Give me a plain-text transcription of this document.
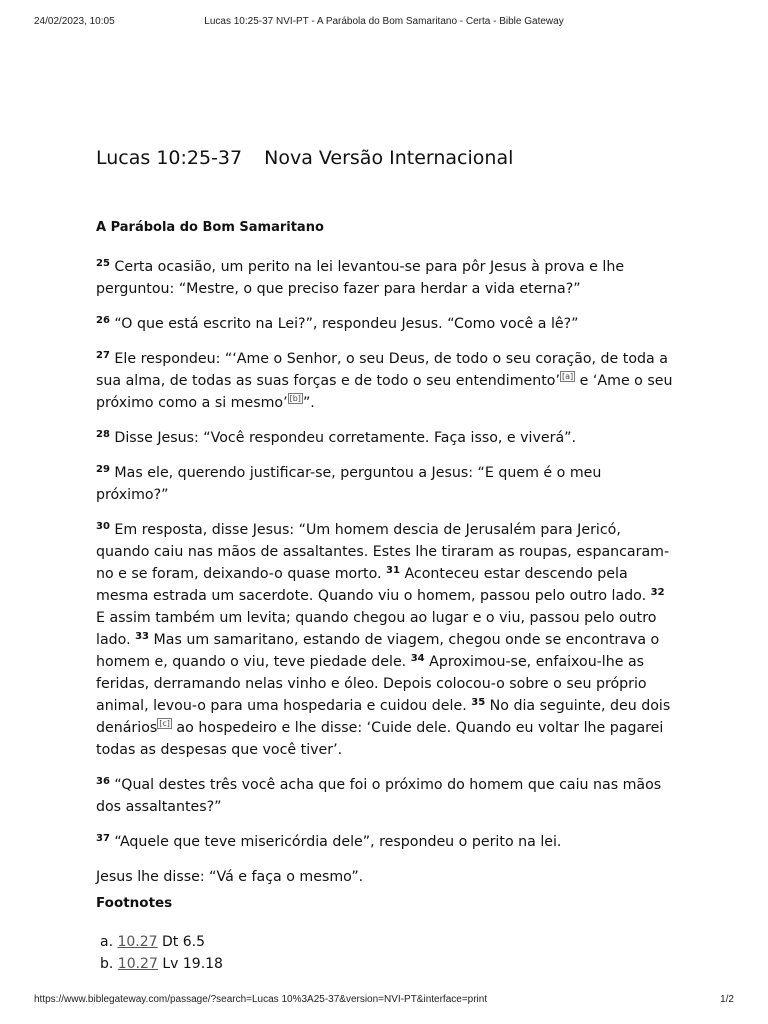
24/02/2023, 10:05	Lucas 10:25-37 NVI-PT - A Parábola do Bom Samaritano - Certa - Bible Gateway
Lucas 10:25-37 Nova Versão Internacional
A Parábola do Bom Samaritano

$^{25}$ Certa ocasião, um perito na lei levantou-se para pôr Jesus à prova e lhe perguntou: “Mestre, o que preciso fazer para herdar a vida eterna?”

$^{26}$ “O que está escrito na Lei?”, respondeu Jesus. “Como você a lê?”

$^{27}$ Ele respondeu: “‘Ame o Senhor, o seu Deus, de todo o seu coração, de toda a sua alma, de todas as suas forças e de todo o seu entendimento’ [a] e ‘Ame o seu próximo como a si mesmo’ [b] ”.

$^{28}$ Disse Jesus: “Você respondeu corretamente. Faça isso, e viverá”.

$^{29}$ Mas ele, querendo justificar-se, perguntou a Jesus: “E quem é o meu próximo?”

$^{30}$ Em resposta, disse Jesus: “Um homem descia de Jerusalém para Jericó, quando caiu nas mãos de assaltantes. Estes lhe tiraram as roupas, espancaram-no e se foram, deixando-o quase morto. $^{31}$ Aconteceu estar descendo pela mesma estrada um sacerdote. Quando viu o homem, passou pelo outro lado. $^{32}$ E assim também um levita; quando chegou ao lugar e o viu, passou pelo outro lado. $^{33}$ Mas um samaritano, estando de viagem, chegou onde se encontrava o homem e, quando o viu, teve piedade dele. $^{34}$ Aproximou-se, enfaixou-lhe as feridas, derramando nelas vinho e óleo. Depois colocou-o sobre o seu próprio animal, levou-o para uma hospedaria e cuidou dele. $^{35}$ No dia seguinte, deu dois denários [c] ao hospedeiro e lhe disse: ‘Cuide dele. Quando eu voltar lhe pagarei todas as despesas que você tiver’.

$^{36}$ “Qual destes três você acha que foi o próximo do homem que caiu nas mãos dos assaltantes?”

$^{37}$ “Aquele que teve misericórdia dele”, respondeu o perito na lei.

Jesus lhe disse: “Vá e faça o mesmo”.

Footnotes
a. 10.27 Dt 6.5
b. 10.27 Lv 19.18
https://www.biblegateway.com/passage/?search=Lucas 10%3A25-37&version=NVI-PT&interface=print	1/2
